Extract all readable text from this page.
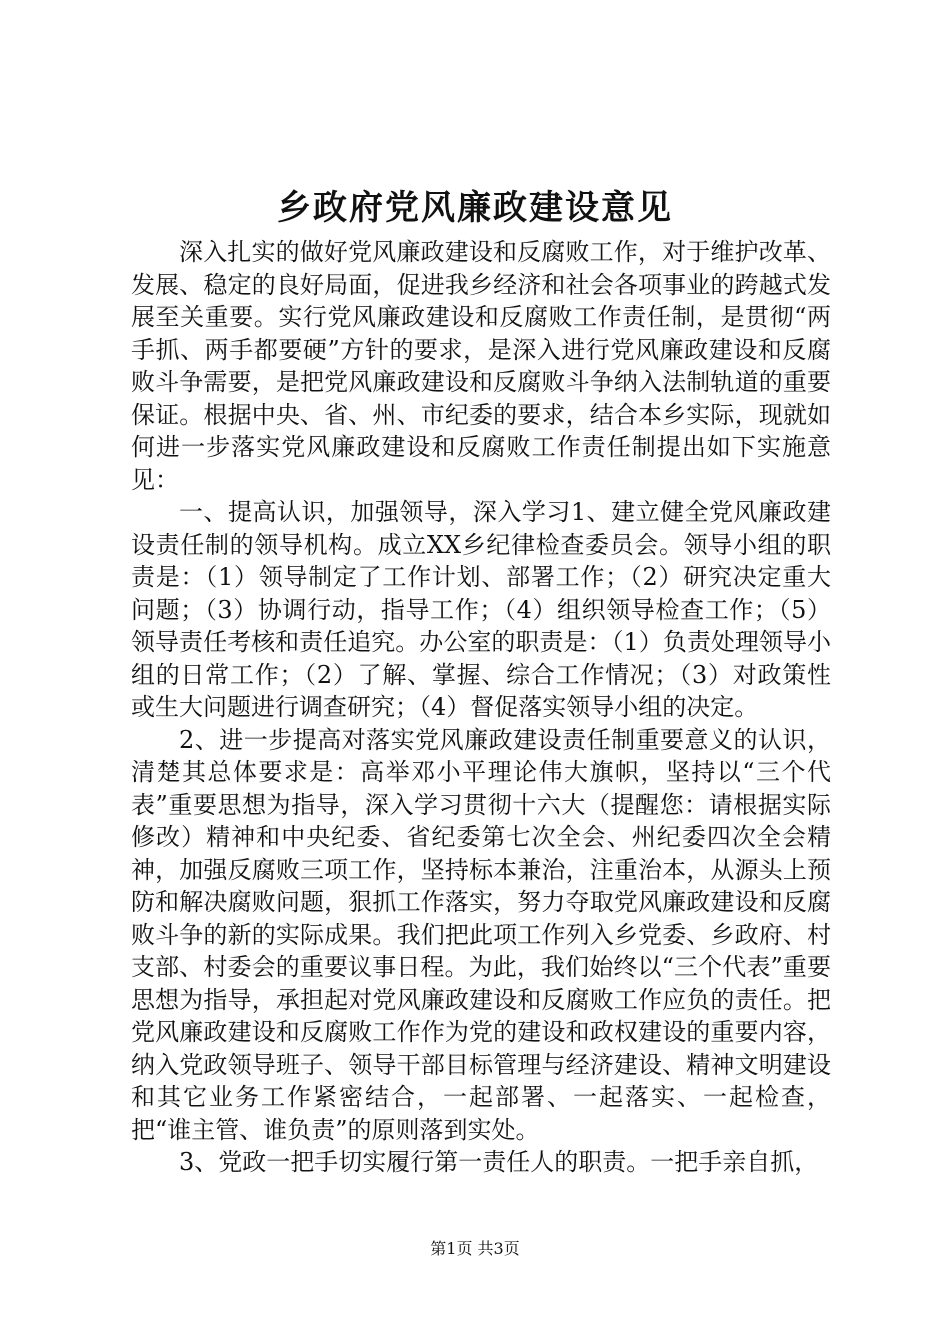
乡政府党风廉政建设意见

深入扎实的做好党风廉政建设和反腐败工作，对于维护改革、发展、稳定的良好局面，促进我乡经济和社会各项事业的跨越式发展至关重要。实行党风廉政建设和反腐败工作责任制，是贯彻“两手抓、两手都要硬”方针的要求，是深入进行党风廉政建设和反腐败斗争需要，是把党风廉政建设和反腐败斗争纳入法制轨道的重要保证。根据中央、省、州、市纪委的要求，结合本乡实际，现就如何进一步落实党风廉政建设和反腐败工作责任制提出如下实施意见：

一、提高认识，加强领导，深入学习1、建立健全党风廉政建设责任制的领导机构。成立XX乡纪律检查委员会。领导小组的职责是：（1）领导制定了工作计划、部署工作；（2）研究决定重大问题；（3）协调行动，指导工作；（4）组织领导检查工作；（5）领导责任考核和责任追究。办公室的职责是：（1）负责处理领导小组的日常工作；（2）了解、掌握、综合工作情况；（3）对政策性或生大问题进行调查研究；（4）督促落实领导小组的决定。

2、进一步提高对落实党风廉政建设责任制重要意义的认识，清楚其总体要求是：高举邓小平理论伟大旗帜，坚持以“三个代表”重要思想为指导，深入学习贯彻十六大（提醒您：请根据实际修改）精神和中央纪委、省纪委第七次全会、州纪委四次全会精神，加强反腐败三项工作，坚持标本兼治，注重治本，从源头上预防和解决腐败问题，狠抓工作落实，努力夺取党风廉政建设和反腐败斗争的新的实际成果。我们把此项工作列入乡党委、乡政府、村支部、村委会的重要议事日程。为此，我们始终以“三个代表”重要思想为指导，承担起对党风廉政建设和反腐败工作应负的责任。把党风廉政建设和反腐败工作作为党的建设和政权建设的重要内容，纳入党政领导班子、领导干部目标管理与经济建设、精神文明建设和其它业务工作紧密结合，一起部署、一起落实、一起检查，把“谁主管、谁负责”的原则落到实处。

3、党政一把手切实履行第一责任人的职责。一把手亲自抓，

第1页 共3页
